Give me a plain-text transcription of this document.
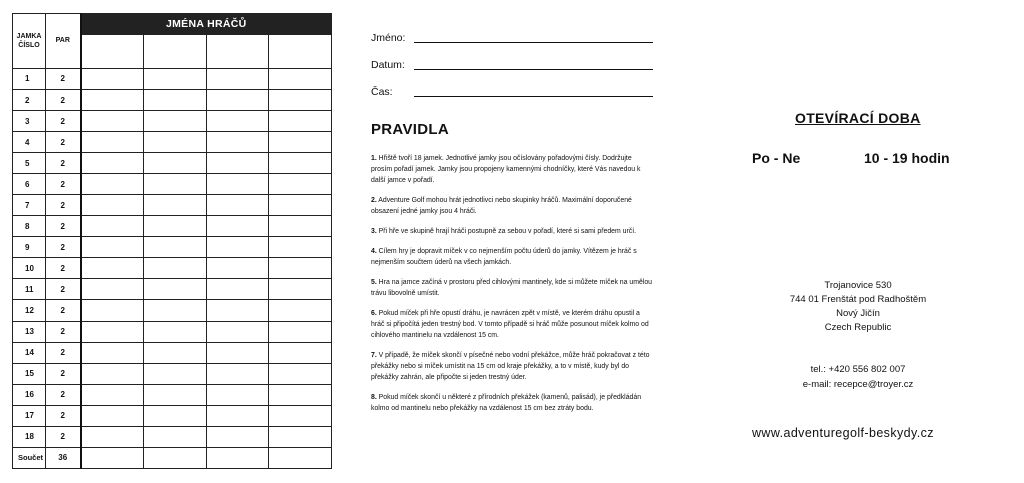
JAMKA ČÍSLO	PAR	JMÉNA HRÁČŮ			

1	2				
2	2				
3	2				
4	2				
5	2				
6	2				
7	2				
8	2				
9	2				
10	2				
11	2				
12	2				
13	2				
14	2				
15	2				
16	2				
17	2				
18	2				
Součet	36				
Jméno:
Datum:
Čas:
PRAVIDLA

1. Hřiště tvoří 18 jamek. Jednotlivé jamky jsou očíslovány pořadovými čísly. Dodržujte prosím pořadí jamek. Jamky jsou propojeny kamennými chodníčky, které Vás navedou k další jamce v pořadí.

2. Adventure Golf mohou hrát jednotlivci nebo skupinky hráčů. Maximální doporučené obsazení jedné jamky jsou 4 hráči.

3. Při hře ve skupině hrají hráči postupně za sebou v pořadí, které si sami předem určí.

4. Cílem hry je dopravit míček v co nejmenším počtu úderů do jamky. Vítězem je hráč s nejmenším součtem úderů na všech jamkách.

5. Hra na jamce začíná v prostoru před cihlovými mantinely, kde si můžete míček na umělou trávu libovolně umístit.

6. Pokud míček při hře opustí dráhu, je navrácen zpět v místě, ve kterém dráhu opustil a hráč si připočítá jeden trestný bod. V tomto případě si hráč může posunout míček kolmo od cihlového mantinelu na vzdálenost 15 cm.

7. V případě, že míček skončí v písečné nebo vodní překážce, může hráč pokračovat z této překážky nebo si míček umístit na 15 cm od kraje překážky, a to v místě, kudy byl do překážky zahrán, ale připočte si jeden trestný úder.

8. Pokud míček skončí u některé z přírodních překážek (kamenů, palisád), je předkládán kolmo od mantinelu nebo překážky na vzdálenost 15 cm bez ztráty bodu.

OTEVÍRACÍ DOBA
Po - Ne	10 - 19 hodin
Trojanovice 530
744 01 Frenštát pod Radhoštěm
Nový Jičín
Czech Republic
tel.: +420 556 802 007
e-mail: recepce@troyer.cz
www.adventuregolf-beskydy.cz
